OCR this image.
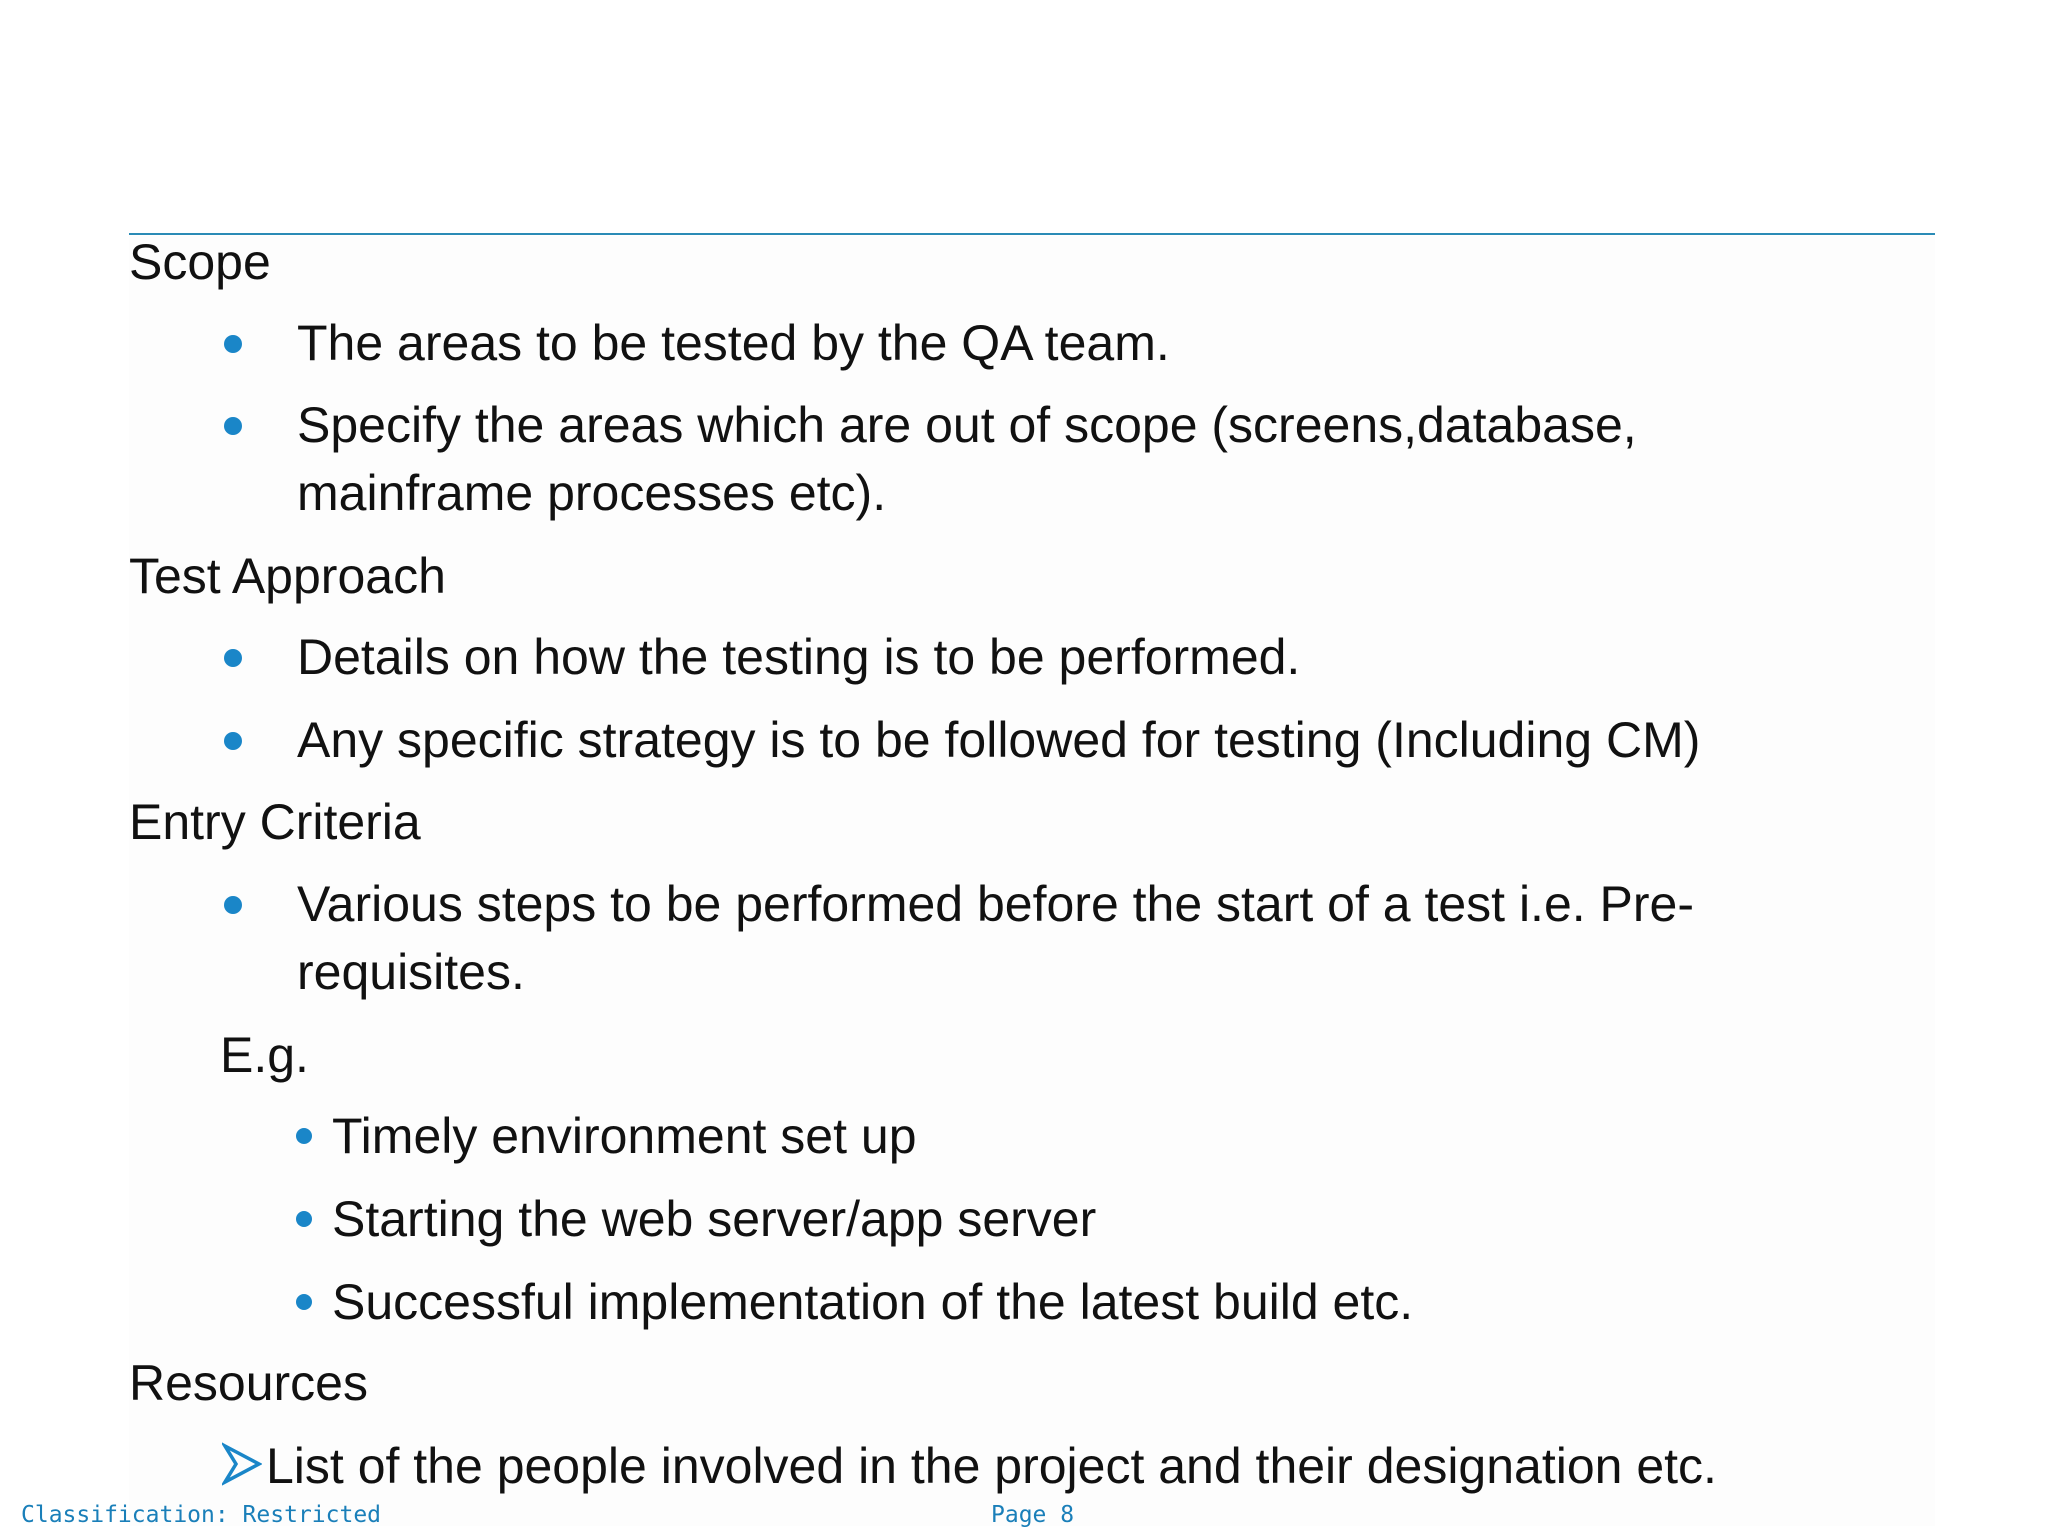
Scope
The areas to be tested by the QA team.
Specify the areas which are out of scope (screens,database,
mainframe processes etc).
Test Approach
Details on how the testing is to be performed.
Any specific strategy is to be followed for testing (Including CM)
Entry Criteria
Various steps to be performed before the start of a test i.e. Pre-
requisites.
E.g.
Timely environment set up
Starting the web server/app server
Successful implementation of the latest build etc.
Resources
List of the people involved in the project and their designation etc.
Classification: Restricted	Page 8
